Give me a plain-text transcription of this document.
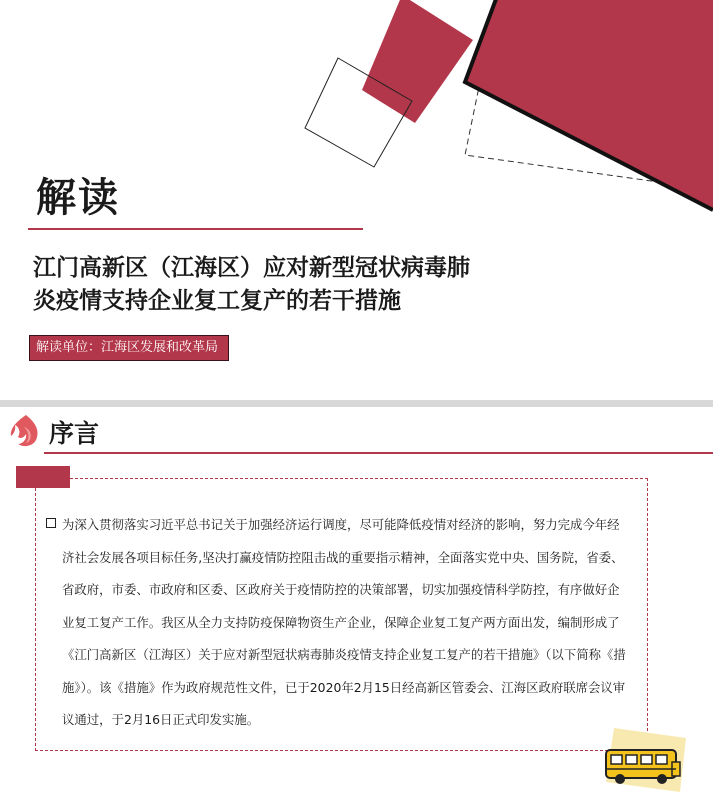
解读
江门高新区（江海区）应对新型冠状病毒肺
炎疫情支持企业复工复产的若干措施
解读单位：江海区发展和改革局
序言

为深入贯彻落实习近平总书记关于加强经济运行调度，尽可能降低疫情对经济的影响，努力完成今年经济社会发展各项目标任务,坚决打赢疫情防控阻击战的重要指示精神，全面落实党中央、国务院，省委、省政府，市委、市政府和区委、区政府关于疫情防控的决策部署，切实加强疫情科学防控，有序做好企业复工复产工作。我区从全力支持防疫保障物资生产企业，保障企业复工复产两方面出发，编制形成了《江门高新区（江海区）关于应对新型冠状病毒肺炎疫情支持企业复工复产的若干措施》（以下简称《措施》）。该《措施》作为政府规范性文件，已于2020年2月15日经高新区管委会、江海区政府联席会议审议通过，于2月16日正式印发实施。
